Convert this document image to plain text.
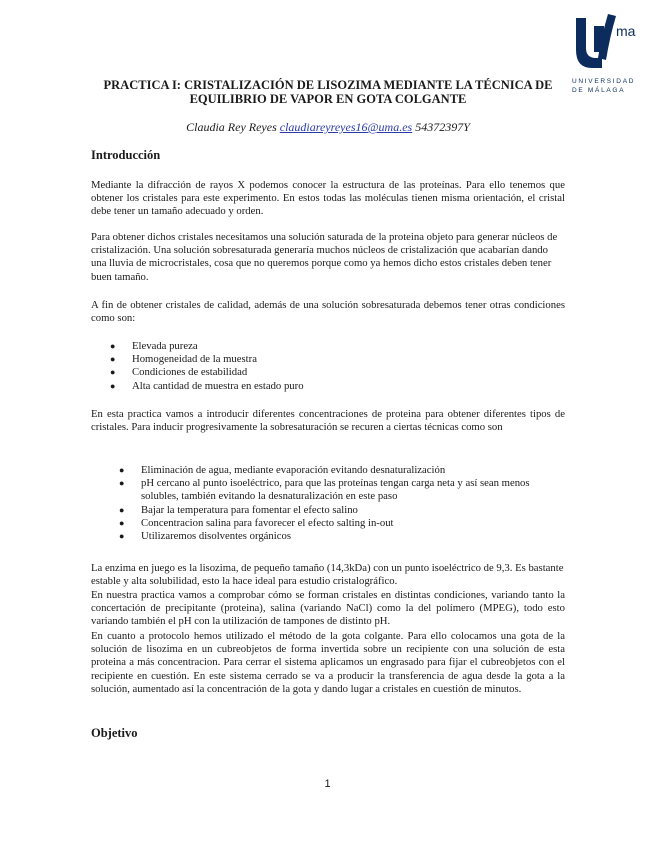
ma
UNIVERSIDAD
DE MÁLAGA
PRACTICA I: CRISTALIZACIÓN DE LISOZIMA MEDIANTE LA TÉCNICA DE EQUILIBRIO DE VAPOR EN GOTA COLGANTE
Claudia Rey Reyes claudiareyreyes16@uma.es 54372397Y
Introducción

Mediante la difracción de rayos X podemos conocer la estructura de las proteínas. Para ello tenemos que obtener los cristales para este experimento. En estos todas las moléculas tienen misma orientación, el cristal debe tener un tamaño adecuado y orden.

Para obtener dichos cristales necesitamos una solución saturada de la proteina objeto para generar núcleos de cristalización. Una solución sobresaturada generaría muchos núcleos de cristalización que acabarían dando una lluvia de microcristales, cosa que no queremos porque como ya hemos dicho estos cristales deben tener buen tamaño.

A fin de obtener cristales de calidad, además de una solución sobresaturada debemos tener otras condiciones como son:

● Elevada pureza
● Homogeneidad de la muestra
● Condiciones de estabilidad
● Alta cantidad de muestra en estado puro

En esta practica vamos a introducir diferentes concentraciones de proteina para obtener diferentes tipos de cristales. Para inducir progresivamente la sobresaturación se recuren a ciertas técnicas como son

● Eliminación de agua, mediante evaporación evitando desnaturalización
● pH cercano al punto isoeléctrico, para que las proteínas tengan carga neta y así sean menos solubles, también evitando la desnaturalización en este paso
● Bajar la temperatura para fomentar el efecto salino
● Concentracion salina para favorecer el efecto salting in-out
● Utilizaremos disolventes orgánicos

La enzima en juego es la lisozima, de pequeño tamaño (14,3kDa) con un punto isoeléctrico de 9,3. Es bastante estable y alta solubilidad, esto la hace ideal para estudio cristalográfico.

En nuestra practica vamos a comprobar cómo se forman cristales en distintas condiciones, variando tanto la concertación de precipitante (proteina), salina (variando NaCl) como la del polímero (MPEG), todo esto variando también el pH con la utilización de tampones de distinto pH.

En cuanto a protocolo hemos utilizado el método de la gota colgante. Para ello colocamos una gota de la solución de lisozima en un cubreobjetos de forma invertida sobre un recipiente con una solución de esta proteina a más concentracion. Para cerrar el sistema aplicamos un engrasado para fijar el cubreobjetos con el recipiente en cuestión. En este sistema cerrado se va a producir la transferencia de agua desde la gota a la solución, aumentado así la concentración de la gota y dando lugar a cristales en cuestión de minutos.

Objetivo
1
